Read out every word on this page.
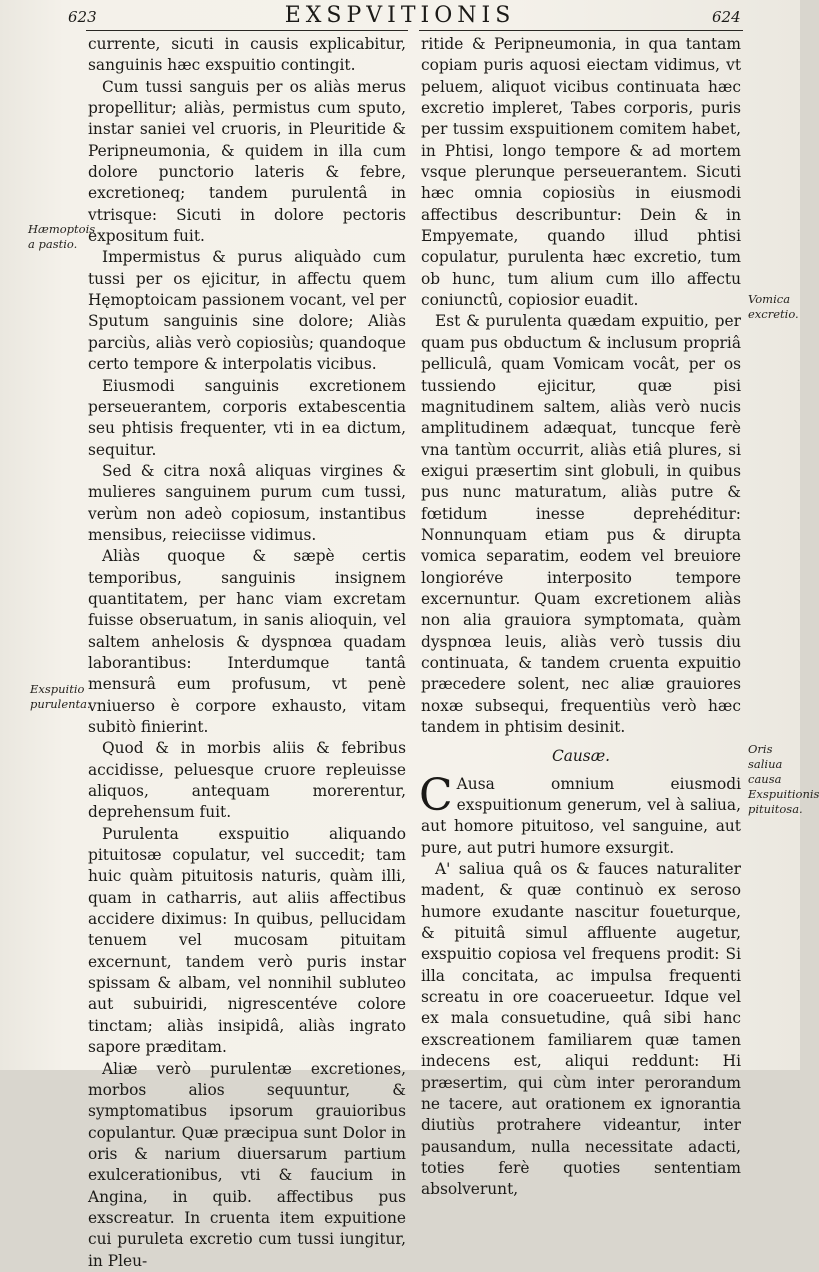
623	EXSPVITIONIS	624
Hæmoptois a pastio.
Exspuitio purulenta.

currente, sicuti in causis explicabitur, sanguinis hæc exspuitio contingit.

Cum tussi sanguis per os aliàs merus propellitur; aliàs, permistus cum sputo, instar saniei vel cruoris, in Pleuritide & Peripneumonia, & quidem in illa cum dolore punctorio lateris & febre, excretioneq; tandem purulentâ in vtrisque: Sicuti in dolore pectoris expositum fuit.

Impermistus & purus aliquàdo cum tussi per os ejicitur, in affectu quem Hęmoptoicam passionem vocant, vel per Sputum sanguinis sine dolore; Aliàs parciùs, aliàs verò copiosiùs; quandoque certo tempore & interpolatis vicibus.

Eiusmodi sanguinis excretionem perseuerantem, corporis extabescentia seu phtisis frequenter, vti in ea dictum, sequitur.

Sed & citra noxâ aliquas virgines & mulieres sanguinem purum cum tussi, verùm non adeò copiosum, instantibus mensibus, reieciisse vidimus.

Aliàs quoque & sæpè certis temporibus, sanguinis insignem quantitatem, per hanc viam excretam fuisse obseruatum, in sanis alioquin, vel saltem anhelosis & dyspnœa quadam laborantibus: Interdumque tantâ mensurâ eum profusum, vt penè vniuerso è corpore exhausto, vitam subitò finierint.

Quod & in morbis aliis & febribus accidisse, peluesque cruore repleuisse aliquos, antequam morerentur, deprehensum fuit.

Purulenta exspuitio aliquando pituitosæ copulatur, vel succedit; tam huic quàm pituitosis naturis, quàm illi, quam in catharris, aut aliis affectibus accidere diximus: In quibus, pellucidam tenuem vel mucosam pituitam excernunt, tandem verò puris instar spissam & albam, vel nonnihil subluteo aut subuiridi, nigrescentéve colore tinctam; aliàs insipidâ, aliàs ingrato sapore præditam.

Aliæ verò purulentæ excretiones, morbos alios sequuntur, & symptomatibus ipsorum grauioribus copulantur. Quæ præcipua sunt Dolor in oris & narium diuersarum partium exulcerationibus, vti & faucium in Angina, in quib. affectibus pus exscreatur. In cruenta item expuitione cui puruleta excretio cum tussi iungitur, in Pleu-

ritide & Peripneumonia, in qua tantam copiam puris aquosi eiectam vidimus, vt peluem, aliquot vicibus continuata hæc excretio impleret, Tabes corporis, puris per tussim exspuitionem comitem habet, in Phtisi, longo tempore & ad mortem vsque plerunque perseuerantem. Sicuti hæc omnia copiosiùs in eiusmodi affectibus describuntur: Dein & in Empyemate, quando illud phtisi copulatur, purulenta hæc excretio, tum ob hunc, tum alium cum illo affectu coniunctû, copiosior euadit.

Est & purulenta quædam expuitio, per quam pus obductum & inclusum propriâ pelliculâ, quam Vomicam vocât, per os tussiendo ejicitur, quæ pisi magnitudinem saltem, aliàs verò nucis amplitudinem adæquat, tuncque ferè vna tantùm occurrit, aliàs etiâ plures, si exigui præsertim sint globuli, in quibus pus nunc maturatum, aliàs putre & fœtidum inesse deprehéditur: Nonnunquam etiam pus & dirupta vomica separatim, eodem vel breuiore longioréve interposito tempore excernuntur. Quam excretionem aliàs non alia grauiora symptomata, quàm dyspnœa leuis, aliàs verò tussis diu continuata, & tandem cruenta expuitio præcedere solent, nec aliæ grauiores noxæ subsequi, frequentiùs verò hæc tandem in phtisim desinit.

Causæ.

C Ausa omnium eiusmodi exspuitionum generum, vel à saliua, aut homore pituitoso, vel sanguine, aut pure, aut putri humore exsurgit.

A' saliua quâ os & fauces naturaliter madent, & quæ continuò ex seroso humore exudante nascitur foueturque, & pituitâ simul affluente augetur, exspuitio copiosa vel frequens prodit: Si illa concitata, ac impulsa frequenti screatu in ore coacerueetur. Idque vel ex mala consuetudine, quâ sibi hanc exscreationem familiarem quæ tamen indecens est, aliqui reddunt: Hi præsertim, qui cùm inter perorandum ne tacere, aut orationem ex ignorantia diutiùs protrahere videantur, inter pausandum, nulla necessitate adacti, toties ferè quoties sententiam absolverunt,

Vomica excretio.
Oris saliua causa Exspuitionis pituitosa.
